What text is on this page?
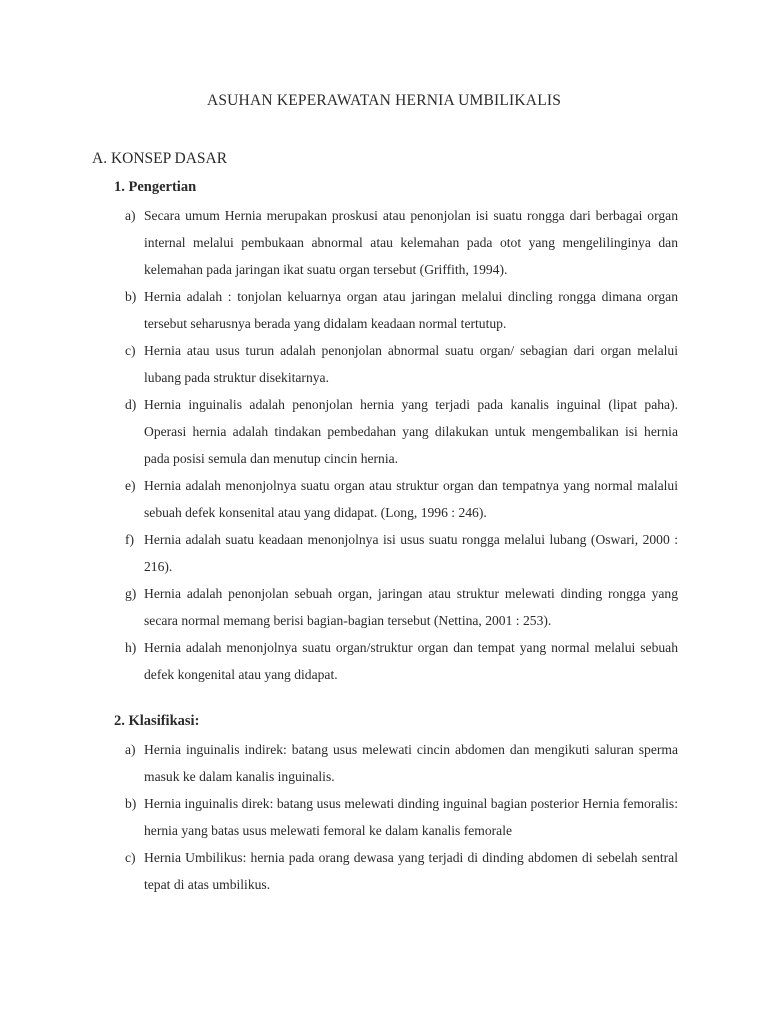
ASUHAN KEPERAWATAN HERNIA UMBILIKALIS
A. KONSEP DASAR
1. Pengertian
a) Secara umum Hernia merupakan proskusi atau penonjolan isi suatu rongga dari berbagai organ internal melalui pembukaan abnormal atau kelemahan pada otot yang mengelilinginya dan kelemahan pada jaringan ikat suatu organ tersebut (Griffith, 1994).
b) Hernia adalah : tonjolan keluarnya organ atau jaringan melalui dincling rongga dimana organ tersebut seharusnya berada yang didalam keadaan normal tertutup.
c) Hernia atau usus turun adalah penonjolan abnormal suatu organ/ sebagian dari organ melalui lubang pada struktur disekitarnya.
d) Hernia inguinalis adalah penonjolan hernia yang terjadi pada kanalis inguinal (lipat paha). Operasi hernia adalah tindakan pembedahan yang dilakukan untuk mengembalikan isi hernia pada posisi semula dan menutup cincin hernia.
e) Hernia adalah menonjolnya suatu organ atau struktur organ dan tempatnya yang normal malalui sebuah defek konsenital atau yang didapat. (Long, 1996 : 246).
f) Hernia adalah suatu keadaan menonjolnya isi usus suatu rongga melalui lubang (Oswari, 2000 : 216).
g) Hernia adalah penonjolan sebuah organ, jaringan atau struktur melewati dinding rongga yang secara normal memang berisi bagian-bagian tersebut (Nettina, 2001 : 253).
h) Hernia adalah menonjolnya suatu organ/struktur organ dan tempat yang normal melalui sebuah defek kongenital atau yang didapat.
2. Klasifikasi:
a) Hernia inguinalis indirek: batang usus melewati cincin abdomen dan mengikuti saluran sperma masuk ke dalam kanalis inguinalis.
b) Hernia inguinalis direk: batang usus melewati dinding inguinal bagian posterior Hernia femoralis: hernia yang batas usus melewati femoral ke dalam kanalis femorale
c) Hernia Umbilikus: hernia pada orang dewasa yang terjadi di dinding abdomen di sebelah sentral tepat di atas umbilikus.
